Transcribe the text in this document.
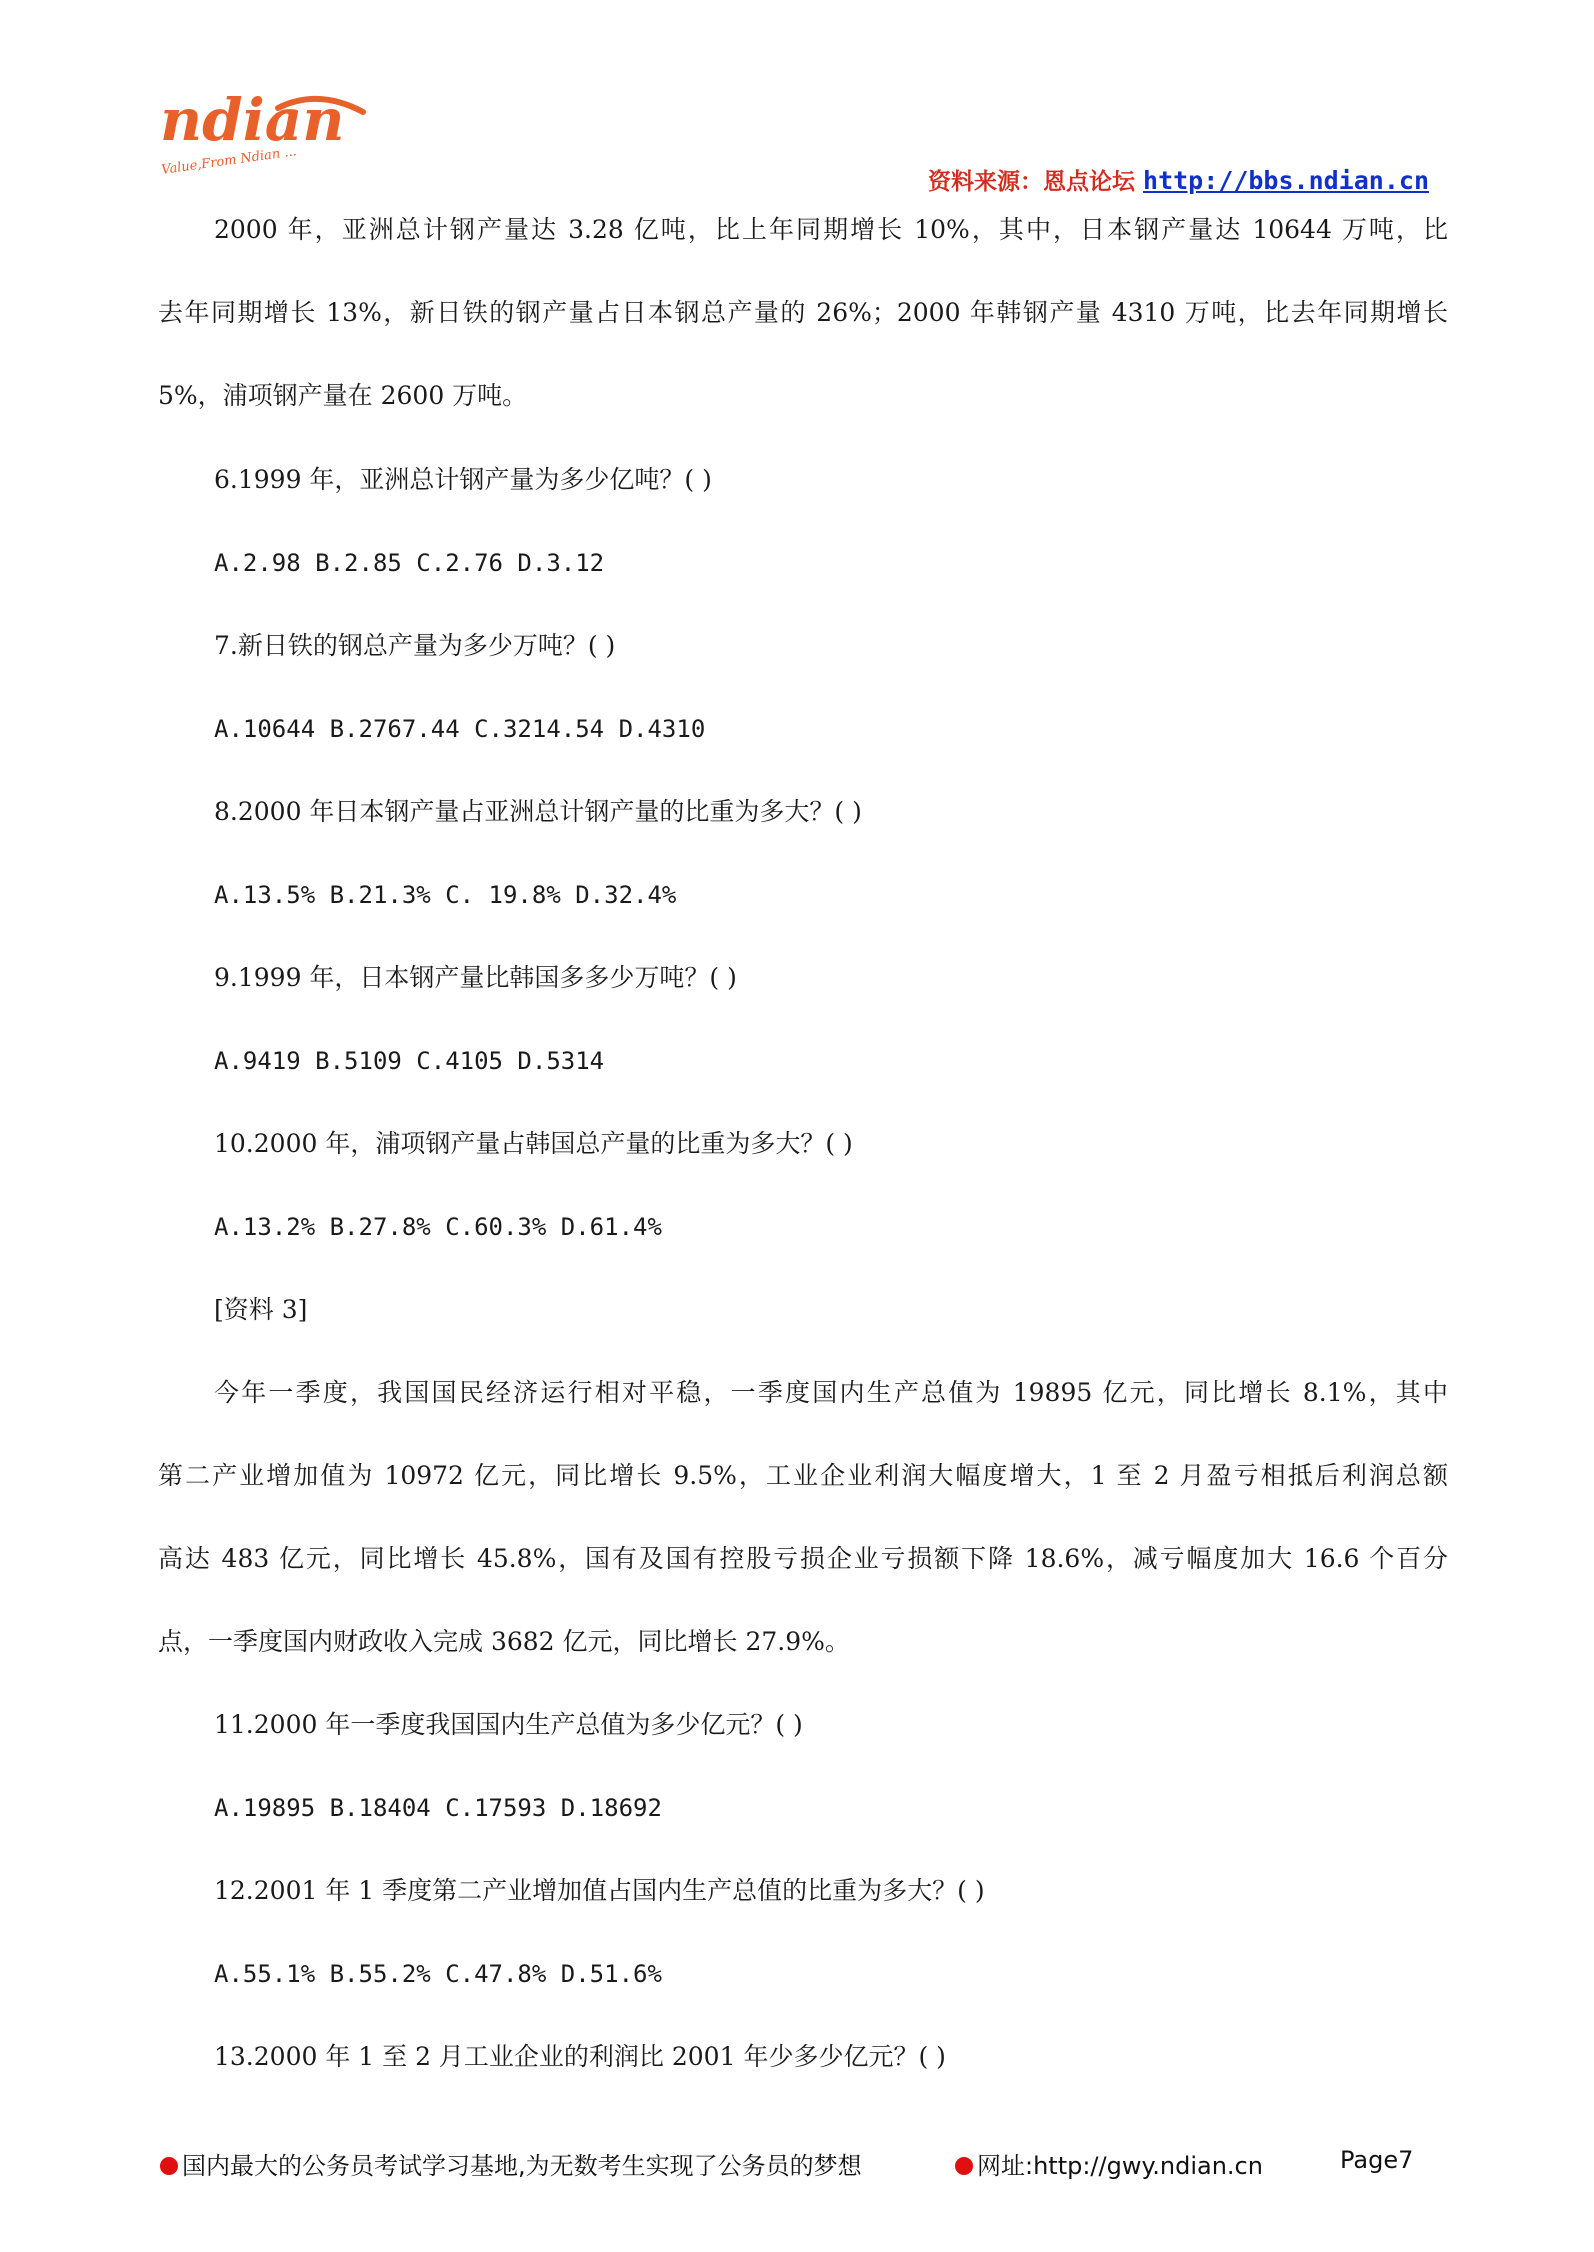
ndian
Value,From Ndian ...
资料来源：恩点论坛 http://bbs.ndian.cn
2000 年，亚洲总计钢产量达 3.28 亿吨，比上年同期增长 10%，其中，日本钢产量达 10644 万吨，比
去年同期增长 13%，新日铁的钢产量占日本钢总产量的 26%；2000 年韩钢产量 4310 万吨，比去年同期增长
5%，浦项钢产量在 2600 万吨。
6.1999 年，亚洲总计钢产量为多少亿吨？( )
A.2.98 B.2.85 C.2.76 D.3.12
7.新日铁的钢总产量为多少万吨？( )
A.10644 B.2767.44 C.3214.54 D.4310
8.2000 年日本钢产量占亚洲总计钢产量的比重为多大？( )
A.13.5% B.21.3% C. 19.8% D.32.4%
9.1999 年，日本钢产量比韩国多多少万吨？( )
A.9419 B.5109 C.4105 D.5314
10.2000 年，浦项钢产量占韩国总产量的比重为多大？( )
A.13.2% B.27.8% C.60.3% D.61.4%
[资料 3]
今年一季度，我国国民经济运行相对平稳，一季度国内生产总值为 19895 亿元，同比增长 8.1%，其中
第二产业增加值为 10972 亿元，同比增长 9.5%，工业企业利润大幅度增大，1 至 2 月盈亏相抵后利润总额
高达 483 亿元，同比增长 45.8%，国有及国有控股亏损企业亏损额下降 18.6%，减亏幅度加大 16.6 个百分
点，一季度国内财政收入完成 3682 亿元，同比增长 27.9%。
11.2000 年一季度我国国内生产总值为多少亿元？( )
A.19895 B.18404 C.17593 D.18692
12.2001 年 1 季度第二产业增加值占国内生产总值的比重为多大？( )
A.55.1% B.55.2% C.47.8% D.51.6%
13.2000 年 1 至 2 月工业企业的利润比 2001 年少多少亿元？( )
国内最大的公务员考试学习基地,为无数考生实现了公务员的梦想	网址:http://gwy.ndian.cn	Page7
